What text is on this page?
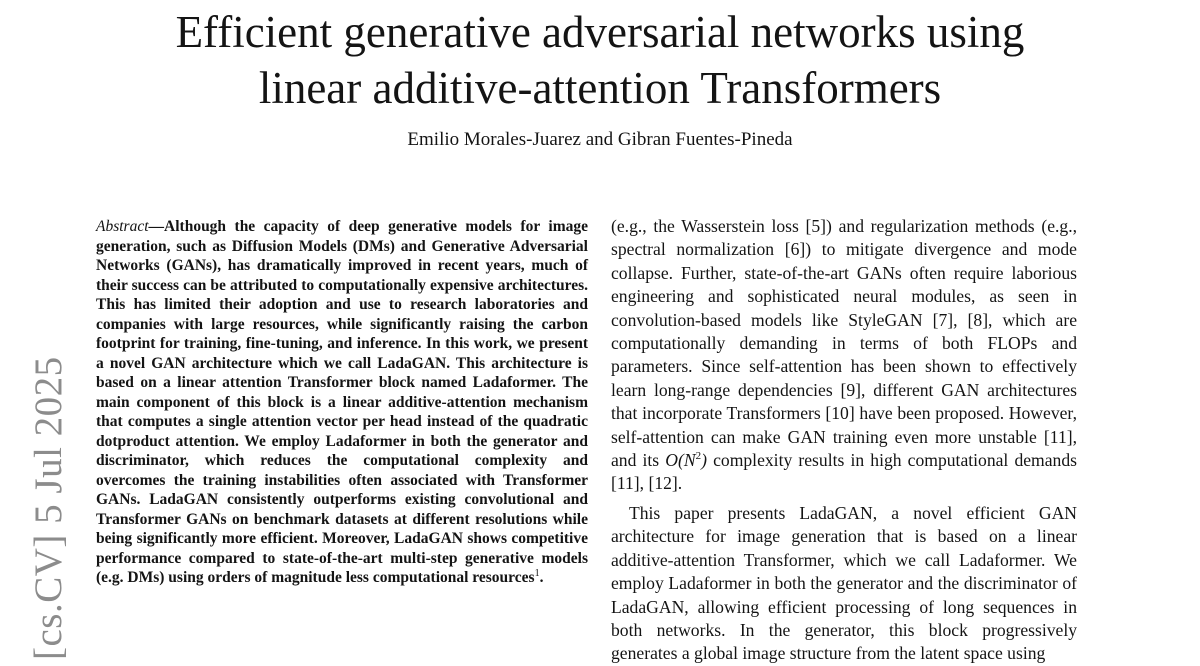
Efficient generative adversarial networks using
linear additive-attention Transformers
Emilio Morales-Juarez and Gibran Fuentes-Pineda
[cs.CV] 5 Jul 2025
Abstract—Although the capacity of deep generative models for image generation, such as Diffusion Models (DMs) and Generative Adversarial Networks (GANs), has dramatically improved in recent years, much of their success can be attributed to computationally expensive architectures. This has limited their adoption and use to research laboratories and companies with large resources, while significantly raising the carbon footprint for training, fine-tuning, and inference. In this work, we present a novel GAN architecture which we call LadaGAN. This architecture is based on a linear attention Transformer block named Ladaformer. The main component of this block is a linear additive-attention mechanism that computes a single attention vector per head instead of the quadratic dotproduct attention. We employ Ladaformer in both the generator and discriminator, which reduces the computational complexity and overcomes the training instabilities often associated with Transformer GANs. LadaGAN consistently outperforms existing convolutional and Transformer GANs on benchmark datasets at different resolutions while being significantly more efficient. Moreover, LadaGAN shows competitive performance compared to state-of-the-art multi-step generative models (e.g. DMs) using orders of magnitude less computational resources$^1$.

(e.g., the Wasserstein loss [5]) and regularization methods (e.g., spectral normalization [6]) to mitigate divergence and mode collapse. Further, state-of-the-art GANs often require laborious engineering and sophisticated neural modules, as seen in convolution-based models like StyleGAN [7], [8], which are computationally demanding in terms of both FLOPs and parameters. Since self-attention has been shown to effectively learn long-range dependencies [9], different GAN architectures that incorporate Transformers [10] have been proposed. However, self-attention can make GAN training even more unstable [11], and its $O(N^2)$ complexity results in high computational demands [11], [12].

This paper presents LadaGAN, a novel efficient GAN architecture for image generation that is based on a linear additive-attention Transformer, which we call Ladaformer. We employ Ladaformer in both the generator and the discriminator of LadaGAN, allowing efficient processing of long sequences in both networks. In the generator, this block progressively generates a global image structure from the latent space using
